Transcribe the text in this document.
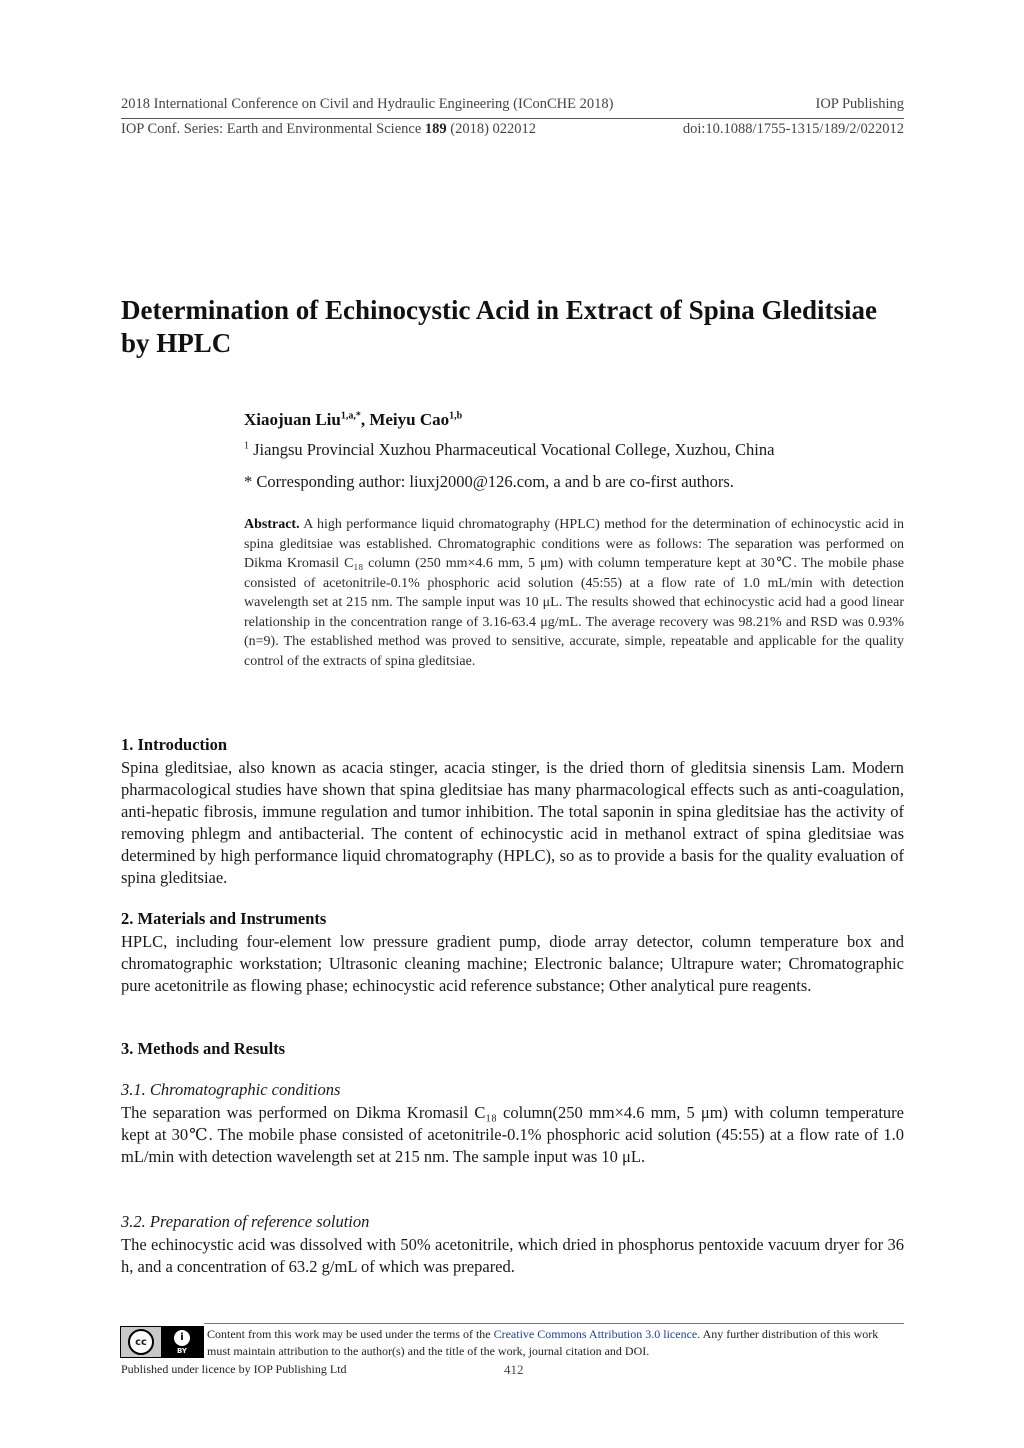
2018 International Conference on Civil and Hydraulic Engineering (IConCHE 2018)	IOP Publishing
IOP Conf. Series: Earth and Environmental Science 189 (2018) 022012	doi:10.1088/1755-1315/189/2/022012
Determination of Echinocystic Acid in Extract of Spina Gleditsiae by HPLC
Xiaojuan Liu$^{1,a,*}$, Meiyu Cao$^{1,b}$
$^1$ Jiangsu Provincial Xuzhou Pharmaceutical Vocational College, Xuzhou, China
* Corresponding author: liuxj2000@126.com, a and b are co-first authors.
Abstract. A high performance liquid chromatography (HPLC) method for the determination of echinocystic acid in spina gleditsiae was established. Chromatographic conditions were as follows: The separation was performed on Dikma Kromasil C₁₈ column (250 mm×4.6 mm, 5 μm) with column temperature kept at 30℃. The mobile phase consisted of acetonitrile-0.1% phosphoric acid solution (45:55) at a flow rate of 1.0 mL/min with detection wavelength set at 215 nm. The sample input was 10 μL. The results showed that echinocystic acid had a good linear relationship in the concentration range of 3.16-63.4 μg/mL. The average recovery was 98.21% and RSD was 0.93% (n=9). The established method was proved to sensitive, accurate, simple, repeatable and applicable for the quality control of the extracts of spina gleditsiae.
1. Introduction
Spina gleditsiae, also known as acacia stinger, acacia stinger, is the dried thorn of gleditsia sinensis Lam. Modern pharmacological studies have shown that spina gleditsiae has many pharmacological effects such as anti-coagulation, anti-hepatic fibrosis, immune regulation and tumor inhibition. The total saponin in spina gleditsiae has the activity of removing phlegm and antibacterial. The content of echinocystic acid in methanol extract of spina gleditsiae was determined by high performance liquid chromatography (HPLC), so as to provide a basis for the quality evaluation of spina gleditsiae.
2. Materials and Instruments
HPLC, including four-element low pressure gradient pump, diode array detector, column temperature box and chromatographic workstation; Ultrasonic cleaning machine; Electronic balance; Ultrapure water; Chromatographic pure acetonitrile as flowing phase; echinocystic acid reference substance; Other analytical pure reagents.
3. Methods and Results
3.1. Chromatographic conditions
The separation was performed on Dikma Kromasil C₁₈ column(250 mm×4.6 mm, 5 μm) with column temperature kept at 30℃. The mobile phase consisted of acetonitrile-0.1% phosphoric acid solution (45:55) at a flow rate of 1.0 mL/min with detection wavelength set at 215 nm. The sample input was 10 μL.
3.2. Preparation of reference solution
The echinocystic acid was dissolved with 50% acetonitrile, which dried in phosphorus pentoxide vacuum dryer for 36 h, and a concentration of 63.2 g/mL of which was prepared.
cc	i
BY
Content from this work may be used under the terms of the Creative Commons Attribution 3.0 licence. Any further distribution of this work must maintain attribution to the author(s) and the title of the work, journal citation and DOI.
Published under licence by IOP Publishing Ltd	412
